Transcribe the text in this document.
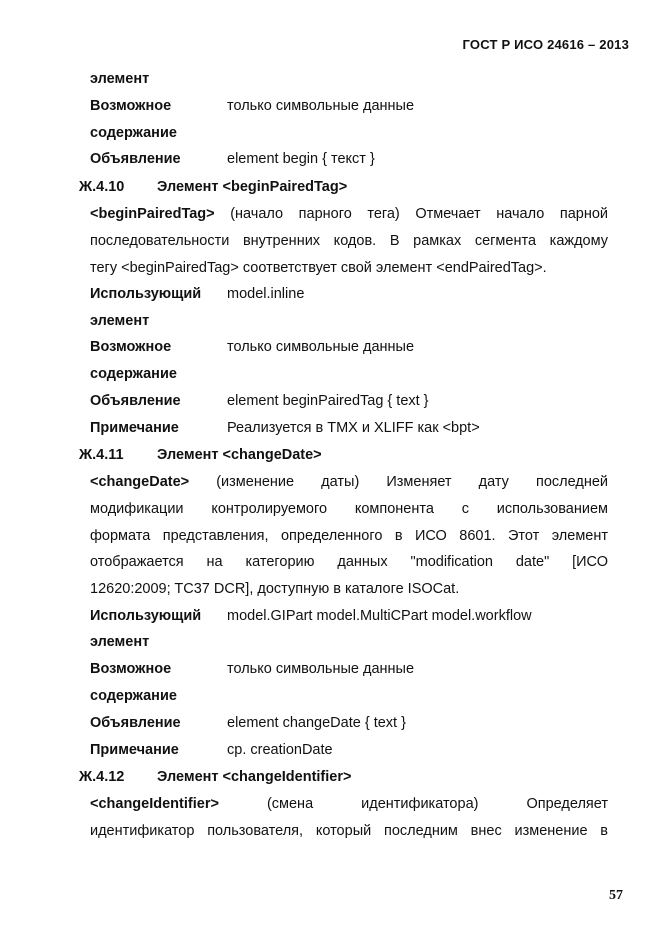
ГОСТ Р ИСО 24616 – 2013
элемент
Возможное	только символьные данные
содержание
Объявление	element begin { текст }
Ж.4.10 Элемент <beginPairedTag>
<beginPairedTag> (начало парного тега) Отмечает начало парной
последовательности внутренних кодов. В рамках сегмента каждому
тегу <beginPairedTag> соответствует свой элемент <endPairedTag>.
Использующий model.inline
элемент
Возможное	только символьные данные
содержание
Объявление	element beginPairedTag { text }
Примечание	Реализуется в TMX и XLIFF как <bpt>
Ж.4.11 Элемент <changeDate>
<changeDate> (изменение даты) Изменяет дату последней
модификации контролируемого компонента с использованием
формата представления, определенного в ИСО 8601. Этот элемент
отображается на категорию данных "modification date" [ИСО
12620:2009; TC37 DCR], доступную в каталоге ISOCat.
Использующий model.GIPart model.MultiCPart model.workflow
элемент
Возможное	только символьные данные
содержание
Объявление	element changeDate { text }
Примечание	ср. creationDate
Ж.4.12 Элемент <changeIdentifier>
<changeIdentifier> (смена идентификатора) Определяет
идентификатор пользователя, который последним внес изменение в
57
